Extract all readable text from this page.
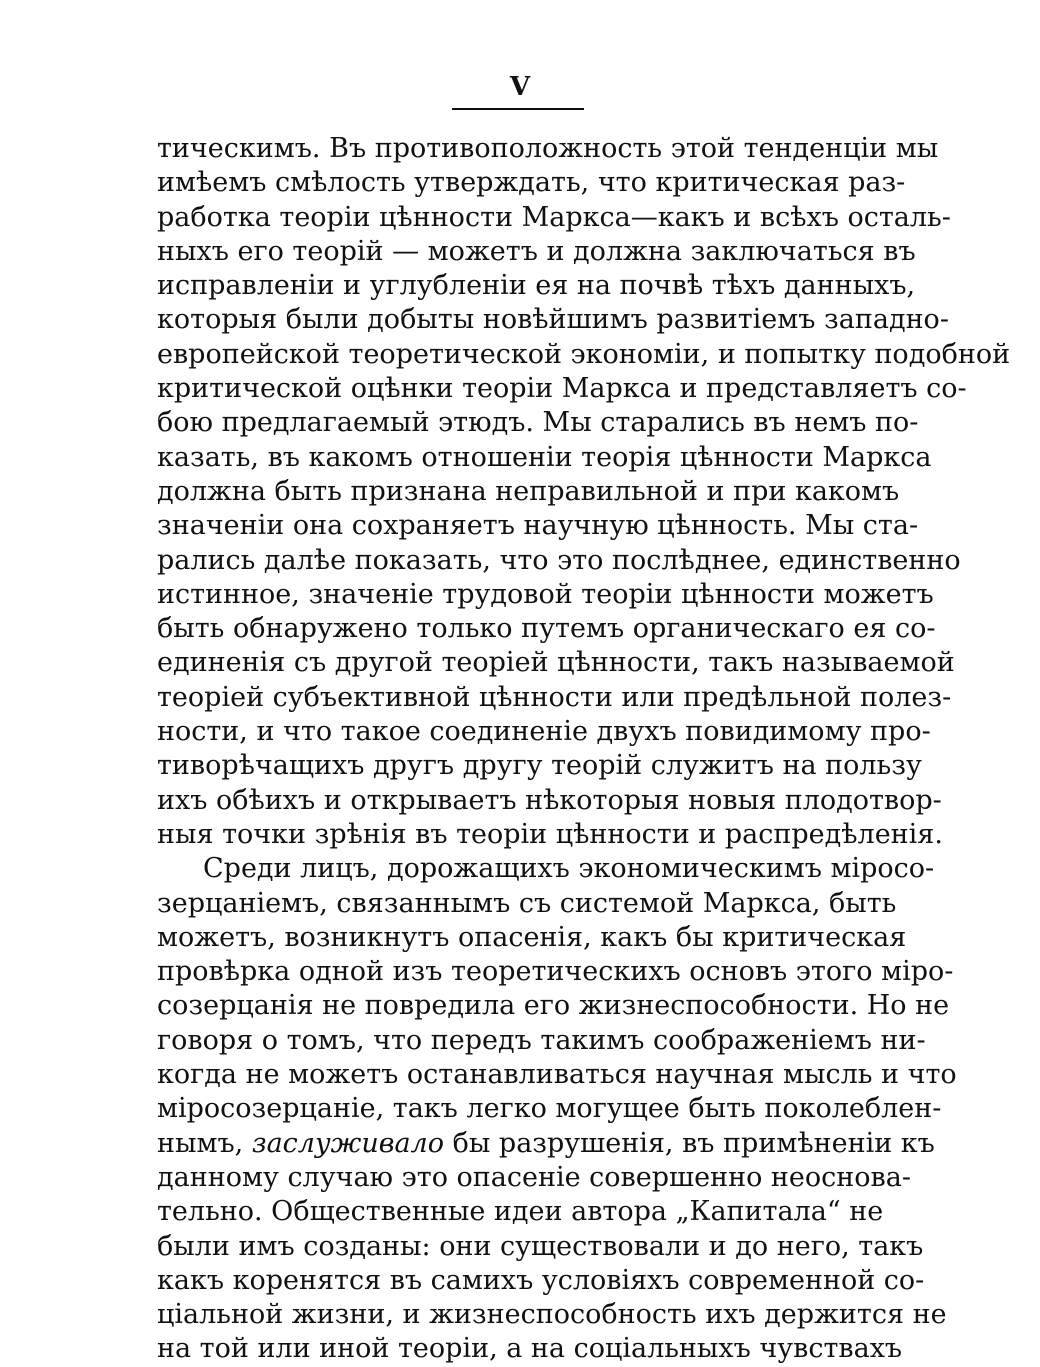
V
тическимъ. Въ противоположность этой тенденціи мы
имѣемъ смѣлость утверждать, что критическая раз-
работка теоріи цѣнности Маркса—какъ и всѣхъ осталь-
ныхъ его теорій — можетъ и должна заключаться въ
исправленіи и углубленіи ея на почвѣ тѣхъ данныхъ,
которыя были добыты новѣйшимъ развитіемъ западно-
европейской теоретической экономіи, и попытку подобной
критической оцѣнки теоріи Маркса и представляетъ со-
бою предлагаемый этюдъ. Мы старались въ немъ по-
казать, въ какомъ отношеніи теорія цѣнности Маркса
должна быть признана неправильной и при какомъ
значеніи она сохраняетъ научную цѣнность. Мы ста-
рались далѣе показать, что это послѣднее, единственно
истинное, значеніе трудовой теоріи цѣнности можетъ
быть обнаружено только путемъ органическаго ея со-
единенія съ другой теоріей цѣнности, такъ называемой
теоріей субъективной цѣнности или предѣльной полез-
ности, и что такое соединеніе двухъ повидимому про-
тиворѣчащихъ другъ другу теорій служитъ на пользу
ихъ обѣихъ и открываетъ нѣкоторыя новыя плодотвор-
ныя точки зрѣнія въ теоріи цѣнности и распредѣленія.
Среди лицъ, дорожащихъ экономическимъ міросо-
зерцаніемъ, связаннымъ съ системой Маркса, быть
можетъ, возникнутъ опасенія, какъ бы критическая
провѣрка одной изъ теоретическихъ основъ этого міро-
созерцанія не повредила его жизнеспособности. Но не
говоря о томъ, что передъ такимъ соображеніемъ ни-
когда не можетъ останавливаться научная мысль и что
міросозерцаніе, такъ легко могущее быть поколеблен-
нымъ, заслуживало бы разрушенія, въ примѣненіи къ
данному случаю это опасеніе совершенно неоснова-
тельно. Общественные идеи автора „Капитала“ не
были имъ созданы: они существовали и до него, такъ
какъ коренятся въ самихъ условіяхъ современной со-
ціальной жизни, и жизнеспособность ихъ держится не
на той или иной теоріи, а на соціальныхъ чувствахъ
